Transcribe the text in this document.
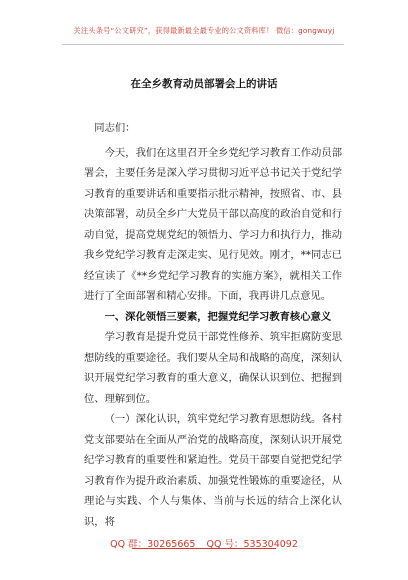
关注头条号“公文研究”，获得最新最全最专业的公文资料库！ 微信：gongwuyj
在全乡教育动员部署会上的讲话

同志们：

今天，我们在这里召开全乡党纪学习教育工作动员部署会，主要任务是深入学习贯彻习近平总书记关于党纪学习教育的重要讲话和重要指示批示精神，按照省、市、县决策部署，动员全乡广大党员干部以高度的政治自觉和行动自觉，提高党规党纪的领悟力、学习力和执行力，推动我乡党纪学习教育走深走实、见行见效。刚才，**同志已经宣读了《**乡党纪学习教育的实施方案》，就相关工作进行了全面部署和精心安排。下面，我再讲几点意见。

一、深化领悟三要素，把握党纪学习教育核心意义

学习教育是提升党员干部党性修养、筑牢拒腐防变思想防线的重要途径。我们要从全局和战略的高度，深刻认识开展党纪学习教育的重大意义，确保认识到位、把握到位、理解到位。

（一）深化认识，筑牢党纪学习教育思想防线。各村党支部要站在全面从严治党的战略高度，深刻认识开展党纪学习教育的重要性和紧迫性。党员干部要自觉把党纪学习教育作为提升政治素质、加强党性锻炼的重要途径，从理论与实践、个人与集体、当前与长远的结合上深化认识，将

QQ 群：30265665 QQ 号：535304092
